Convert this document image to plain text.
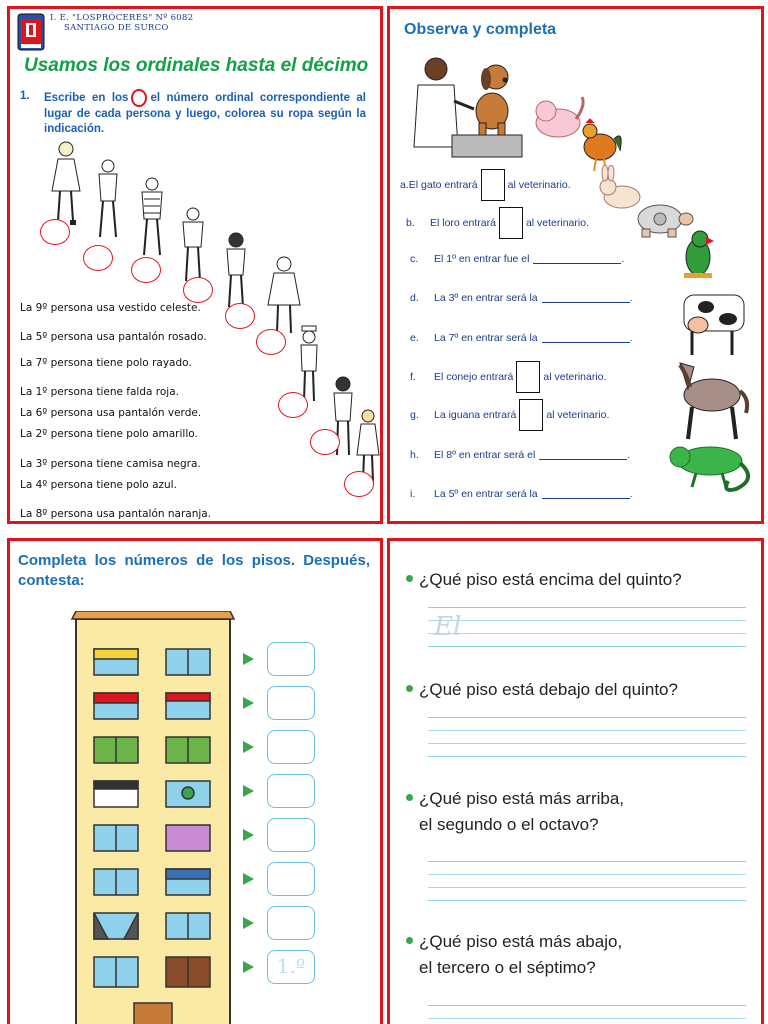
I. E. "LOSPRÓCERES" Nº 6082
SANTIAGO DE SURCO
Usamos los ordinales hasta el décimo
1.	Escribe en los el número ordinal correspondiente al lugar de cada persona y luego, colorea su ropa según la indicación.
La 9º persona usa vestido celeste.
La 5º persona usa pantalón rosado.
La 7º persona tiene polo rayado.
La 1º persona tiene falda roja.
La 6º persona usa pantalón verde.
La 2º persona tiene polo amarillo.
La 3º persona tiene camisa negra.
La 4º persona tiene polo azul.
La 8º persona usa pantalón naranja.
Observa y completa
a. El gato entrará	al veterinario.
b.	El loro entrará	al veterinario.
c.	El 1º en entrar fue el	.
d.	La 3º en entrar será la	.
e.	La 7º en entrar será la	.
f.	El conejo entrará	al veterinario.
g.	La iguana entrará	al veterinario.
h.	El 8º en entrar será el	.
i.	La 5º en entrar será la	.
Completa los números de los pisos. Después, contesta:
1.º
¿Qué piso está encima del quinto?
El
¿Qué piso está debajo del quinto?
¿Qué piso está más arriba,
el segundo o el octavo?
¿Qué piso está más abajo,
el tercero o el séptimo?
